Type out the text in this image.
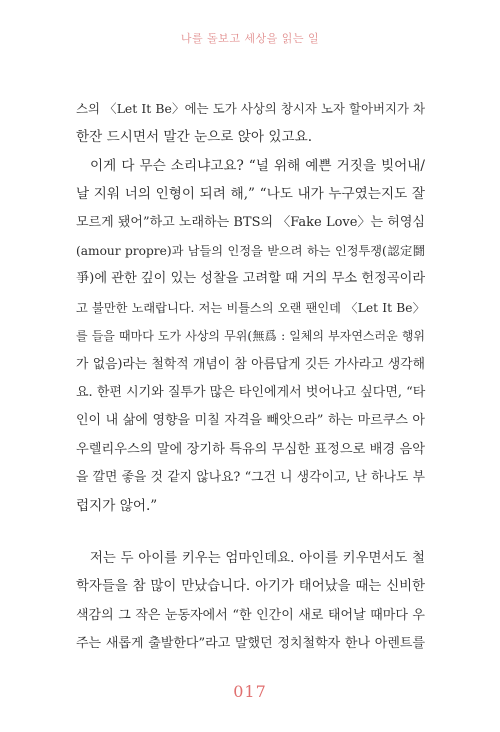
나를 돌보고 세상을 읽는 일
스의 〈Let It Be〉에는 도가 사상의 창시자 노자 할아버지가 차
한잔 드시면서 말간 눈으로 앉아 있고요.
이게 다 무슨 소리냐고요? “널 위해 예쁜 거짓을 빚어내/
날 지워 너의 인형이 되려 해,” “나도 내가 누구였는지도 잘
모르게 됐어”하고 노래하는 BTS의 〈Fake Love〉는 허영심
(amour propre)과 남들의 인정을 받으려 하는 인정투쟁(認定鬪
爭)에 관한 깊이 있는 성찰을 고려할 때 거의 무소 헌정곡이라
고 불만한 노래랍니다. 저는 비틀스의 오랜 팬인데 〈Let It Be〉
를 들을 때마다 도가 사상의 무위(無爲 : 일체의 부자연스러운 행위
가 없음)라는 철학적 개념이 참 아름답게 깃든 가사라고 생각해
요. 한편 시기와 질투가 많은 타인에게서 벗어나고 싶다면, “타
인이 내 삶에 영향을 미칠 자격을 빼앗으라” 하는 마르쿠스 아
우렐리우스의 말에 장기하 특유의 무심한 표정으로 배경 음악
을 깔면 좋을 것 같지 않나요? “그건 니 생각이고, 난 하나도 부
럽지가 않어.”
저는 두 아이를 키우는 엄마인데요. 아이를 키우면서도 철
학자들을 참 많이 만났습니다. 아기가 태어났을 때는 신비한
색감의 그 작은 눈동자에서 “한 인간이 새로 태어날 때마다 우
주는 새롭게 출발한다”라고 말했던 정치철학자 한나 아렌트를
017
